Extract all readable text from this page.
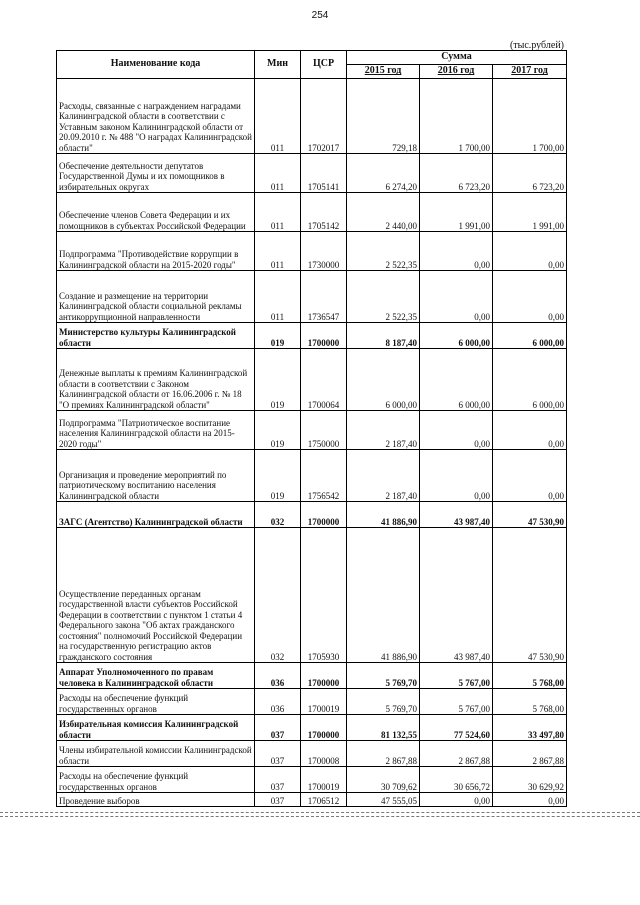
254
(тыс.рублей)
Наименование кода	Мин	ЦСР	Сумма		
			2015 год	2016 год	2017 год
Расходы, связанные с награждением наградами Калининградской области в соответствии с Уставным законом Калининградской области от 20.09.2010 г. № 488 "О наградах Калининградской области"	011	1702017	729,18	1 700,00	1 700,00
Обеспечение деятельности депутатов Государственной Думы и их помощников в избирательных округах	011	1705141	6 274,20	6 723,20	6 723,20
Обеспечение членов Совета Федерации и их помощников в субъектах Российской Федерации	011	1705142	2 440,00	1 991,00	1 991,00
Подпрограмма "Противодействие коррупции в Калининградской области на 2015-2020 годы"	011	1730000	2 522,35	0,00	0,00
Создание и размещение на территории Калининградской области социальной рекламы антикоррупционной направленности	011	1736547	2 522,35	0,00	0,00
Министерство культуры Калининградской области	019	1700000	8 187,40	6 000,00	6 000,00
Денежные выплаты к премиям Калининградской области в соответствии с Законом Калининградской области от 16.06.2006 г. № 18 "О премиях Калининградской области"	019	1700064	6 000,00	6 000,00	6 000,00
Подпрограмма "Патриотическое воспитание населения Калининградской области на 2015-2020 годы"	019	1750000	2 187,40	0,00	0,00
Организация и проведение мероприятий по патриотическому воспитанию населения Калининградской области	019	1756542	2 187,40	0,00	0,00
ЗАГС (Агентство) Калининградской области	032	1700000	41 886,90	43 987,40	47 530,90
Осуществление переданных органам государственной власти субъектов Российской Федерации в соответствии с пунктом 1 статьи 4 Федерального закона "Об актах гражданского состояния" полномочий Российской Федерации на государственную регистрацию актов гражданского состояния	032	1705930	41 886,90	43 987,40	47 530,90
Аппарат Уполномоченного по правам человека в Калининградской области	036	1700000	5 769,70	5 767,00	5 768,00
Расходы на обеспечение функций государственных органов	036	1700019	5 769,70	5 767,00	5 768,00
Избирательная комиссия Калининградской области	037	1700000	81 132,55	77 524,60	33 497,80
Члены избирательной комиссии Калининградской области	037	1700008	2 867,88	2 867,88	2 867,88
Расходы на обеспечение функций государственных органов	037	1700019	30 709,62	30 656,72	30 629,92
Проведение выборов	037	1706512	47 555,05	0,00	0,00
